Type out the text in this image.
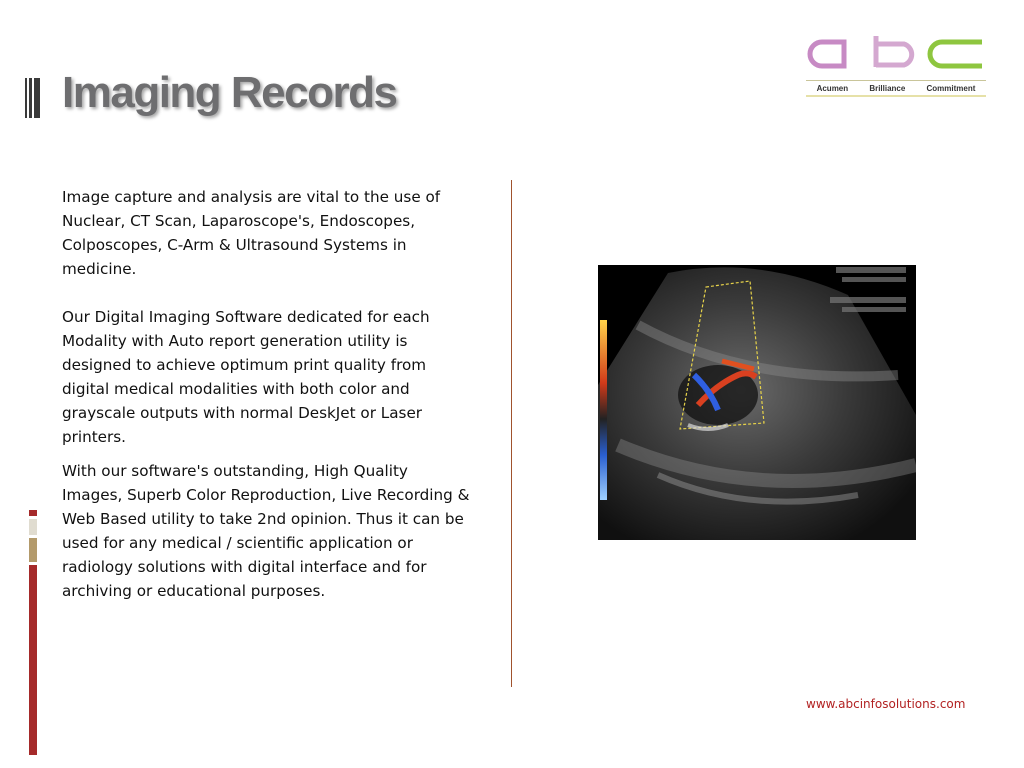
Imaging Records	Acumen	Brilliance	Commitment

Image capture and analysis are vital to the use of Nuclear, CT Scan, Laparoscope's, Endoscopes, Colposcopes, C-Arm & Ultrasound Systems in medicine.

Our Digital Imaging Software dedicated for each Modality with Auto report generation utility is designed to achieve optimum print quality from digital medical modalities with both color and grayscale outputs with normal DeskJet or Laser printers.

With our software's outstanding, High Quality Images, Superb Color Reproduction, Live Recording & Web Based utility to take 2nd opinion. Thus it can be used for any medical / scientific application or radiology solutions with digital interface and for archiving or educational purposes.

www.abcinfosolutions.com
